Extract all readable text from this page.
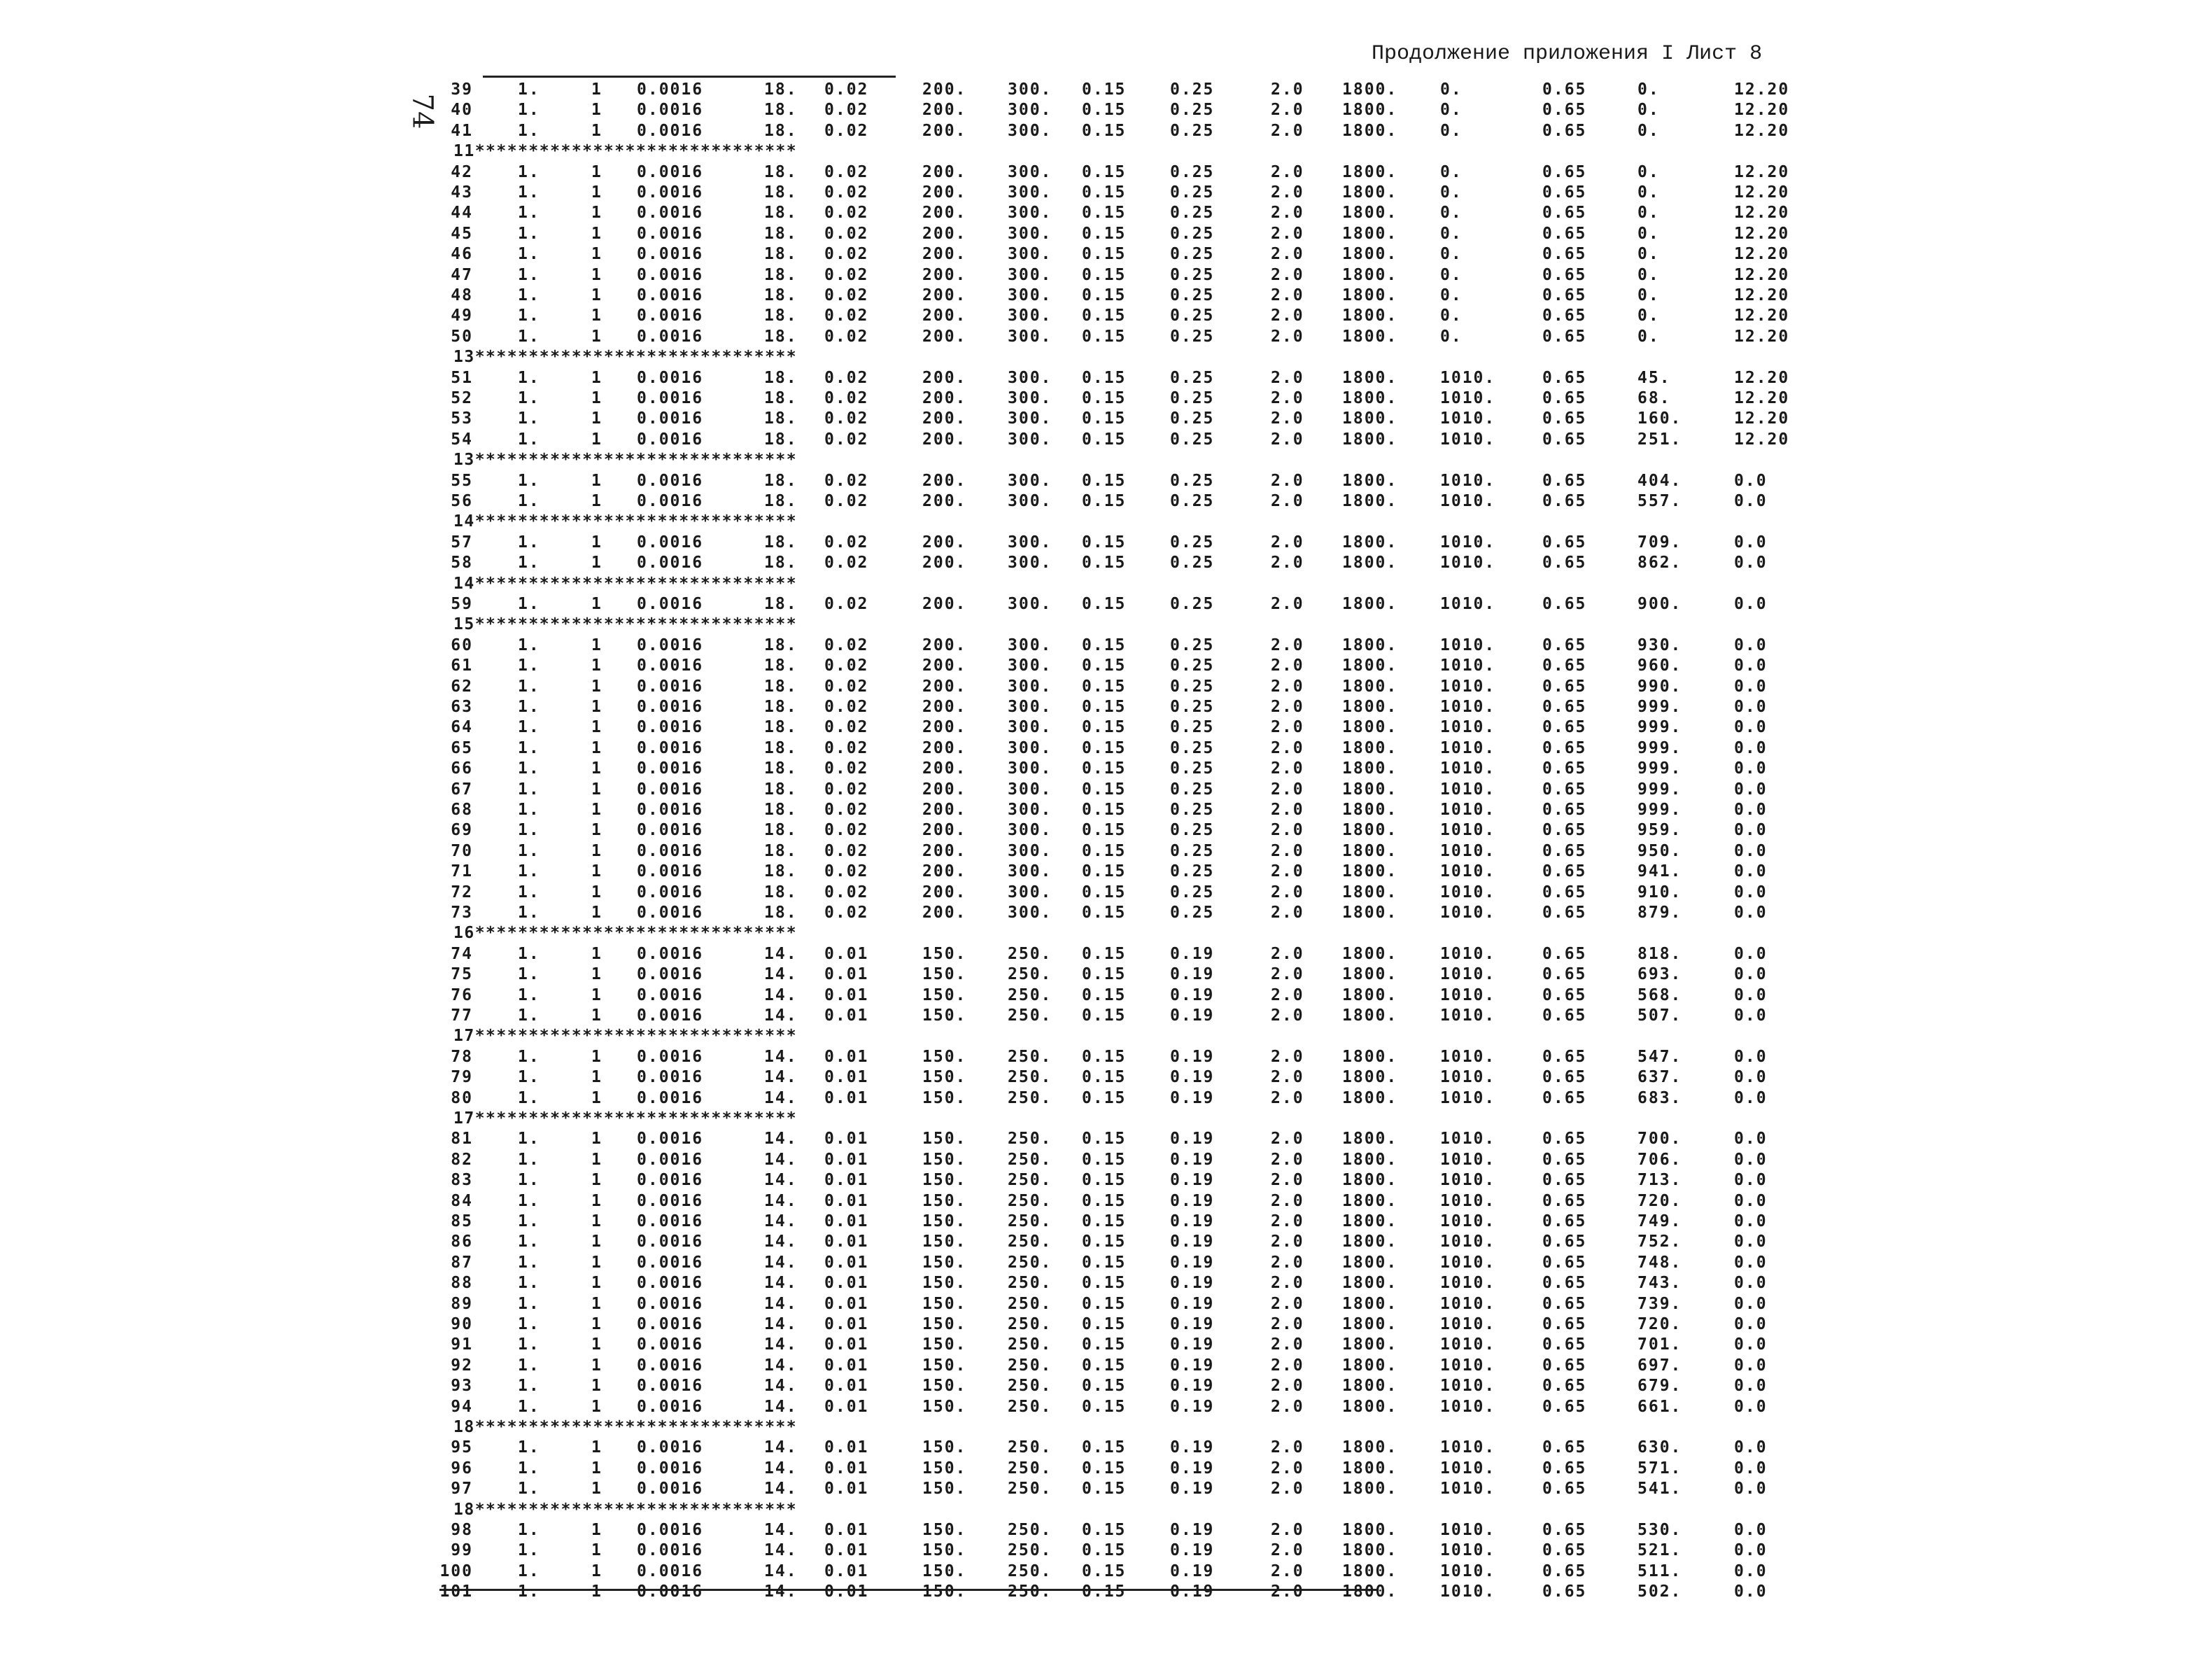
74
Продолжение приложения I Лист 8
39	1.	1 0.0016	18. 0.02	200.	300. 0.15	0.25	2.0 1800.	0.	0.65	0.	12.20
40	1.	1 0.0016	18. 0.02	200.	300. 0.15	0.25	2.0 1800.	0.	0.65	0.	12.20
41	1.	1 0.0016	18. 0.02	200.	300. 0.15	0.25	2.0 1800.	0.	0.65	0.	12.20
11******************************
42	1.	1 0.0016	18. 0.02	200.	300. 0.15	0.25	2.0 1800.	0.	0.65	0.	12.20
43	1.	1 0.0016	18. 0.02	200.	300. 0.15	0.25	2.0 1800.	0.	0.65	0.	12.20
44	1.	1 0.0016	18. 0.02	200.	300. 0.15	0.25	2.0 1800.	0.	0.65	0.	12.20
45	1.	1 0.0016	18. 0.02	200.	300. 0.15	0.25	2.0 1800.	0.	0.65	0.	12.20
46	1.	1 0.0016	18. 0.02	200.	300. 0.15	0.25	2.0 1800.	0.	0.65	0.	12.20
47	1.	1 0.0016	18. 0.02	200.	300. 0.15	0.25	2.0 1800.	0.	0.65	0.	12.20
48	1.	1 0.0016	18. 0.02	200.	300. 0.15	0.25	2.0 1800.	0.	0.65	0.	12.20
49	1.	1 0.0016	18. 0.02	200.	300. 0.15	0.25	2.0 1800.	0.	0.65	0.	12.20
50	1.	1 0.0016	18. 0.02	200.	300. 0.15	0.25	2.0 1800.	0.	0.65	0.	12.20
13******************************
51	1.	1 0.0016	18. 0.02	200.	300. 0.15	0.25	2.0 1800.	1010.	0.65	45.	12.20
52	1.	1 0.0016	18. 0.02	200.	300. 0.15	0.25	2.0 1800.	1010.	0.65	68.	12.20
53	1.	1 0.0016	18. 0.02	200.	300. 0.15	0.25	2.0 1800.	1010.	0.65	160.	12.20
54	1.	1 0.0016	18. 0.02	200.	300. 0.15	0.25	2.0 1800.	1010.	0.65	251.	12.20
13******************************
55	1.	1 0.0016	18. 0.02	200.	300. 0.15	0.25	2.0 1800.	1010.	0.65	404.	0.0
56	1.	1 0.0016	18. 0.02	200.	300. 0.15	0.25	2.0 1800.	1010.	0.65	557.	0.0
14******************************
57	1.	1 0.0016	18. 0.02	200.	300. 0.15	0.25	2.0 1800.	1010.	0.65	709.	0.0
58	1.	1 0.0016	18. 0.02	200.	300. 0.15	0.25	2.0 1800.	1010.	0.65	862.	0.0
14******************************
59	1.	1 0.0016	18. 0.02	200.	300. 0.15	0.25	2.0 1800.	1010.	0.65	900.	0.0
15******************************
60	1.	1 0.0016	18. 0.02	200.	300. 0.15	0.25	2.0 1800.	1010.	0.65	930.	0.0
61	1.	1 0.0016	18. 0.02	200.	300. 0.15	0.25	2.0 1800.	1010.	0.65	960.	0.0
62	1.	1 0.0016	18. 0.02	200.	300. 0.15	0.25	2.0 1800.	1010.	0.65	990.	0.0
63	1.	1 0.0016	18. 0.02	200.	300. 0.15	0.25	2.0 1800.	1010.	0.65	999.	0.0
64	1.	1 0.0016	18. 0.02	200.	300. 0.15	0.25	2.0 1800.	1010.	0.65	999.	0.0
65	1.	1 0.0016	18. 0.02	200.	300. 0.15	0.25	2.0 1800.	1010.	0.65	999.	0.0
66	1.	1 0.0016	18. 0.02	200.	300. 0.15	0.25	2.0 1800.	1010.	0.65	999.	0.0
67	1.	1 0.0016	18. 0.02	200.	300. 0.15	0.25	2.0 1800.	1010.	0.65	999.	0.0
68	1.	1 0.0016	18. 0.02	200.	300. 0.15	0.25	2.0 1800.	1010.	0.65	999.	0.0
69	1.	1 0.0016	18. 0.02	200.	300. 0.15	0.25	2.0 1800.	1010.	0.65	959.	0.0
70	1.	1 0.0016	18. 0.02	200.	300. 0.15	0.25	2.0 1800.	1010.	0.65	950.	0.0
71	1.	1 0.0016	18. 0.02	200.	300. 0.15	0.25	2.0 1800.	1010.	0.65	941.	0.0
72	1.	1 0.0016	18. 0.02	200.	300. 0.15	0.25	2.0 1800.	1010.	0.65	910.	0.0
73	1.	1 0.0016	18. 0.02	200.	300. 0.15	0.25	2.0 1800.	1010.	0.65	879.	0.0
16******************************
74	1.	1 0.0016	14. 0.01	150.	250. 0.15	0.19	2.0 1800.	1010.	0.65	818.	0.0
75	1.	1 0.0016	14. 0.01	150.	250. 0.15	0.19	2.0 1800.	1010.	0.65	693.	0.0
76	1.	1 0.0016	14. 0.01	150.	250. 0.15	0.19	2.0 1800.	1010.	0.65	568.	0.0
77	1.	1 0.0016	14. 0.01	150.	250. 0.15	0.19	2.0 1800.	1010.	0.65	507.	0.0
17******************************
78	1.	1 0.0016	14. 0.01	150.	250. 0.15	0.19	2.0 1800.	1010.	0.65	547.	0.0
79	1.	1 0.0016	14. 0.01	150.	250. 0.15	0.19	2.0 1800.	1010.	0.65	637.	0.0
80	1.	1 0.0016	14. 0.01	150.	250. 0.15	0.19	2.0 1800.	1010.	0.65	683.	0.0
17******************************
81	1.	1 0.0016	14. 0.01	150.	250. 0.15	0.19	2.0 1800.	1010.	0.65	700.	0.0
82	1.	1 0.0016	14. 0.01	150.	250. 0.15	0.19	2.0 1800.	1010.	0.65	706.	0.0
83	1.	1 0.0016	14. 0.01	150.	250. 0.15	0.19	2.0 1800.	1010.	0.65	713.	0.0
84	1.	1 0.0016	14. 0.01	150.	250. 0.15	0.19	2.0 1800.	1010.	0.65	720.	0.0
85	1.	1 0.0016	14. 0.01	150.	250. 0.15	0.19	2.0 1800.	1010.	0.65	749.	0.0
86	1.	1 0.0016	14. 0.01	150.	250. 0.15	0.19	2.0 1800.	1010.	0.65	752.	0.0
87	1.	1 0.0016	14. 0.01	150.	250. 0.15	0.19	2.0 1800.	1010.	0.65	748.	0.0
88	1.	1 0.0016	14. 0.01	150.	250. 0.15	0.19	2.0 1800.	1010.	0.65	743.	0.0
89	1.	1 0.0016	14. 0.01	150.	250. 0.15	0.19	2.0 1800.	1010.	0.65	739.	0.0
90	1.	1 0.0016	14. 0.01	150.	250. 0.15	0.19	2.0 1800.	1010.	0.65	720.	0.0
91	1.	1 0.0016	14. 0.01	150.	250. 0.15	0.19	2.0 1800.	1010.	0.65	701.	0.0
92	1.	1 0.0016	14. 0.01	150.	250. 0.15	0.19	2.0 1800.	1010.	0.65	697.	0.0
93	1.	1 0.0016	14. 0.01	150.	250. 0.15	0.19	2.0 1800.	1010.	0.65	679.	0.0
94	1.	1 0.0016	14. 0.01	150.	250. 0.15	0.19	2.0 1800.	1010.	0.65	661.	0.0
18******************************
95	1.	1 0.0016	14. 0.01	150.	250. 0.15	0.19	2.0 1800.	1010.	0.65	630.	0.0
96	1.	1 0.0016	14. 0.01	150.	250. 0.15	0.19	2.0 1800.	1010.	0.65	571.	0.0
97	1.	1 0.0016	14. 0.01	150.	250. 0.15	0.19	2.0 1800.	1010.	0.65	541.	0.0
18******************************
98	1.	1 0.0016	14. 0.01	150.	250. 0.15	0.19	2.0 1800.	1010.	0.65	530.	0.0
99	1.	1 0.0016	14. 0.01	150.	250. 0.15	0.19	2.0 1800.	1010.	0.65	521.	0.0
100	1.	1 0.0016	14. 0.01	150.	250. 0.15	0.19	2.0 1800.	1010.	0.65	511.	0.0
101	1.	1 0.0016	14. 0.01	150.	250. 0.15	0.19	2.0 1800.	1010.	0.65	502.	0.0
